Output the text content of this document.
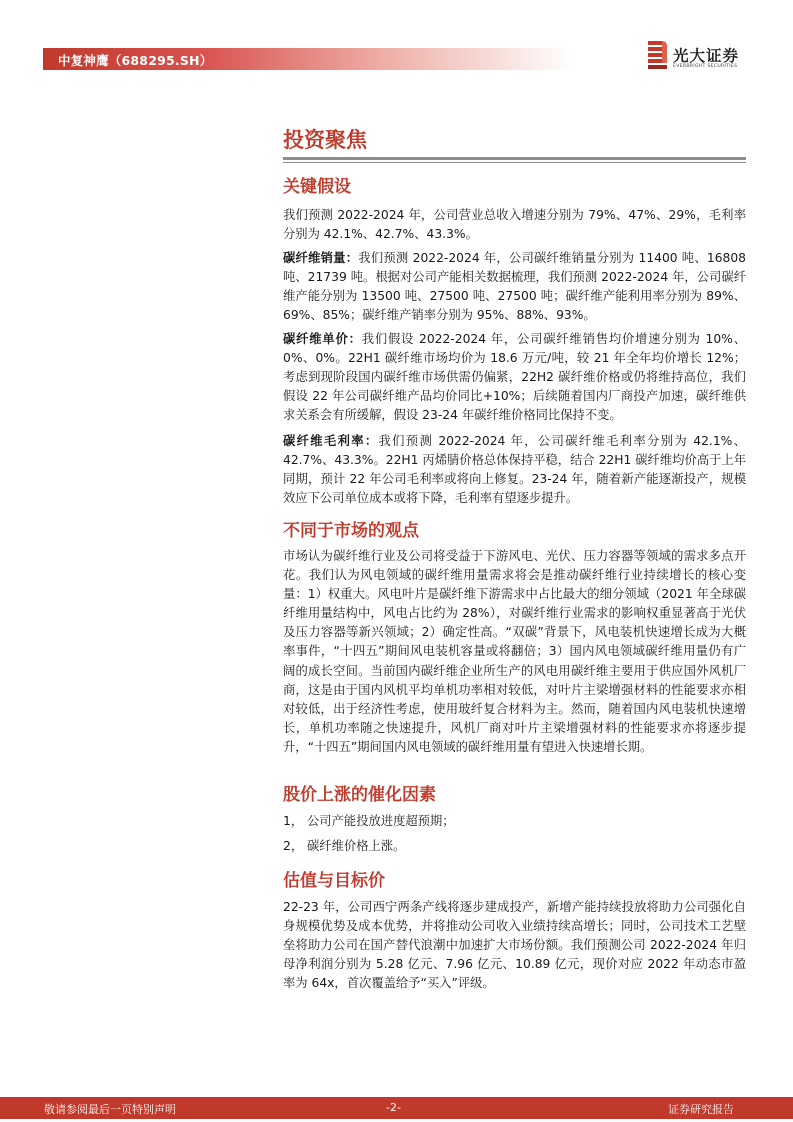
中复神鹰（688295.SH）	光大证券
EVERBRIGHT SECURITIES
投资聚焦
关键假设

我们预测 2022-2024 年，公司营业总收入增速分别为 79%、47%、29%，毛利率分别为 42.1%、42.7%、43.3%。

碳纤维销量：我们预测 2022-2024 年，公司碳纤维销量分别为 11400 吨、16808 吨、21739 吨。根据对公司产能相关数据梳理，我们预测 2022-2024 年，公司碳纤维产能分别为 13500 吨、27500 吨、27500 吨；碳纤维产能利用率分别为 89%、69%、85%；碳纤维产销率分别为 95%、88%、93%。

碳纤维单价：我们假设 2022-2024 年，公司碳纤维销售均价增速分别为 10%、0%、0%。22H1 碳纤维市场均价为 18.6 万元/吨，较 21 年全年均价增长 12%；考虑到现阶段国内碳纤维市场供需仍偏紧，22H2 碳纤维价格或仍将维持高位，我们假设 22 年公司碳纤维产品均价同比+10%；后续随着国内厂商投产加速，碳纤维供求关系会有所缓解，假设 23-24 年碳纤维价格同比保持不变。

碳纤维毛利率：我们预测 2022-2024 年，公司碳纤维毛利率分别为 42.1%、42.7%、43.3%。22H1 丙烯腈价格总体保持平稳，结合 22H1 碳纤维均价高于上年同期，预计 22 年公司毛利率或将向上修复。23-24 年，随着新产能逐渐投产，规模效应下公司单位成本或将下降，毛利率有望逐步提升。

不同于市场的观点

市场认为碳纤维行业及公司将受益于下游风电、光伏、压力容器等领域的需求多点开花。我们认为风电领域的碳纤维用量需求将会是推动碳纤维行业持续增长的核心变量：1）权重大。风电叶片是碳纤维下游需求中占比最大的细分领域（2021 年全球碳纤维用量结构中，风电占比约为 28%），对碳纤维行业需求的影响权重显著高于光伏及压力容器等新兴领域；2）确定性高。“双碳”背景下，风电装机快速增长成为大概率事件，“十四五”期间风电装机容量或将翻倍；3）国内风电领域碳纤维用量仍有广阔的成长空间。当前国内碳纤维企业所生产的风电用碳纤维主要用于供应国外风机厂商，这是由于国内风机平均单机功率相对较低，对叶片主梁增强材料的性能要求亦相对较低，出于经济性考虑，使用玻纤复合材料为主。然而，随着国内风电装机快速增长，单机功率随之快速提升，风机厂商对叶片主梁增强材料的性能要求亦将逐步提升，“十四五”期间国内风电领域的碳纤维用量有望进入快速增长期。

股价上涨的催化因素
1， 公司产能投放进度超预期；
2， 碳纤维价格上涨。
估值与目标价

22-23 年，公司西宁两条产线将逐步建成投产，新增产能持续投放将助力公司强化自身规模优势及成本优势，并将推动公司收入业绩持续高增长；同时，公司技术工艺壁垒将助力公司在国产替代浪潮中加速扩大市场份额。我们预测公司 2022-2024 年归母净利润分别为 5.28 亿元、7.96 亿元、10.89 亿元，现价对应 2022 年动态市盈率为 64x，首次覆盖给予“买入”评级。

敬请参阅最后一页特别声明	-2-	证券研究报告
